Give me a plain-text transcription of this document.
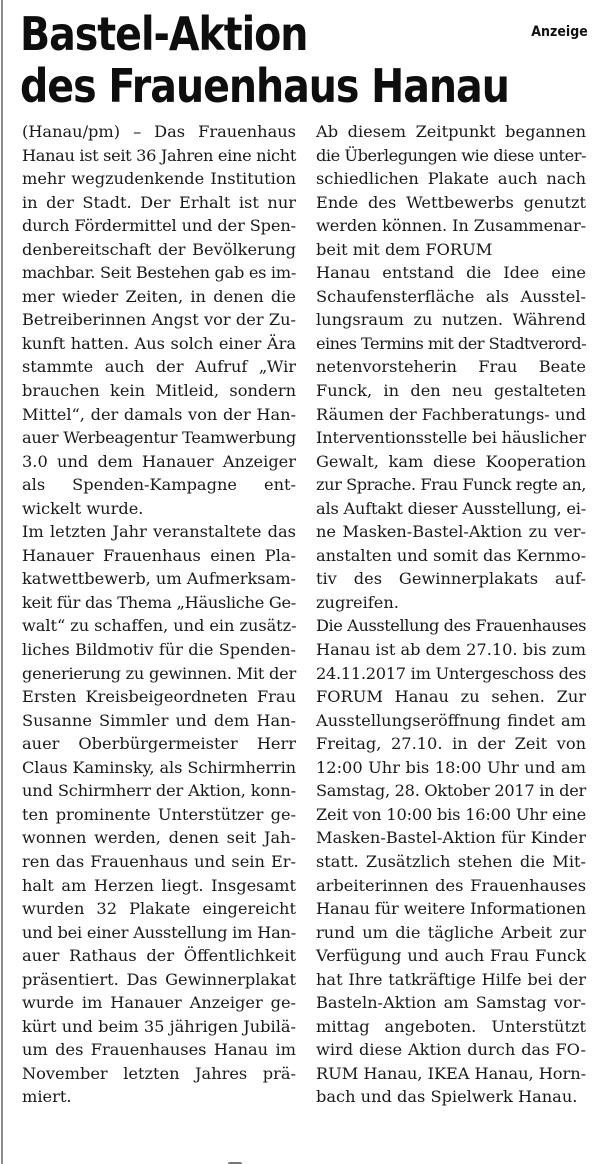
Bastel-Aktion
des Frauenhaus Hanau
Anzeige
(Hanau/pm) – Das Frauenhaus
Hanau ist seit 36 Jahren eine nicht
mehr wegzudenkende Institution
in der Stadt. Der Erhalt ist nur
durch Fördermittel und der Spen-
denbereitschaft der Bevölkerung
machbar. Seit Bestehen gab es im-
mer wieder Zeiten, in denen die
Betreiberinnen Angst vor der Zu-
kunft hatten. Aus solch einer Ära
stammte auch der Aufruf „Wir
brauchen kein Mitleid, sondern
Mittel“, der damals von der Han-
auer Werbeagentur Teamwerbung
3.0 und dem Hanauer Anzeiger
als Spenden-Kampagne ent-
wickelt wurde.
Im letzten Jahr veranstaltete das
Hanauer Frauenhaus einen Pla-
katwettbewerb, um Aufmerksam-
keit für das Thema „Häusliche Ge-
walt“ zu schaffen, und ein zusätz-
liches Bildmotiv für die Spenden-
generierung zu gewinnen. Mit der
Ersten Kreisbeigeordneten Frau
Susanne Simmler und dem Han-
auer Oberbürgermeister Herr
Claus Kaminsky, als Schirmherrin
und Schirmherr der Aktion, konn-
ten prominente Unterstützer ge-
wonnen werden, denen seit Jah-
ren das Frauenhaus und sein Er-
halt am Herzen liegt. Insgesamt
wurden 32 Plakate eingereicht
und bei einer Ausstellung im Han-
auer Rathaus der Öffentlichkeit
präsentiert. Das Gewinnerplakat
wurde im Hanauer Anzeiger ge-
kürt und beim 35 jährigen Jubilä-
um des Frauenhauses Hanau im
November letzten Jahres prä-
miert.
Ab diesem Zeitpunkt begannen
die Überlegungen wie diese unter-
schiedlichen Plakate auch nach
Ende des Wettbewerbs genutzt
werden können. In Zusammenar-
beit mit dem FORUM
Hanau entstand die Idee eine
Schaufensterfläche als Ausstel-
lungsraum zu nutzen. Während
eines Termins mit der Stadtverord-
netenvorsteherin Frau Beate
Funck, in den neu gestalteten
Räumen der Fachberatungs- und
Interventionsstelle bei häuslicher
Gewalt, kam diese Kooperation
zur Sprache. Frau Funck regte an,
als Auftakt dieser Ausstellung, ei-
ne Masken-Bastel-Aktion zu ver-
anstalten und somit das Kernmo-
tiv des Gewinnerplakats auf-
zugreifen.
Die Ausstellung des Frauenhauses
Hanau ist ab dem 27.10. bis zum
24.11.2017 im Untergeschoss des
FORUM Hanau zu sehen. Zur
Ausstellungseröffnung findet am
Freitag, 27.10. in der Zeit von
12:00 Uhr bis 18:00 Uhr und am
Samstag, 28. Oktober 2017 in der
Zeit von 10:00 bis 16:00 Uhr eine
Masken-Bastel-Aktion für Kinder
statt. Zusätzlich stehen die Mit-
arbeiterinnen des Frauenhauses
Hanau für weitere Informationen
rund um die tägliche Arbeit zur
Verfügung und auch Frau Funck
hat Ihre tatkräftige Hilfe bei der
Basteln-Aktion am Samstag vor-
mittag angeboten. Unterstützt
wird diese Aktion durch das FO-
RUM Hanau, IKEA Hanau, Horn-
bach und das Spielwerk Hanau.
